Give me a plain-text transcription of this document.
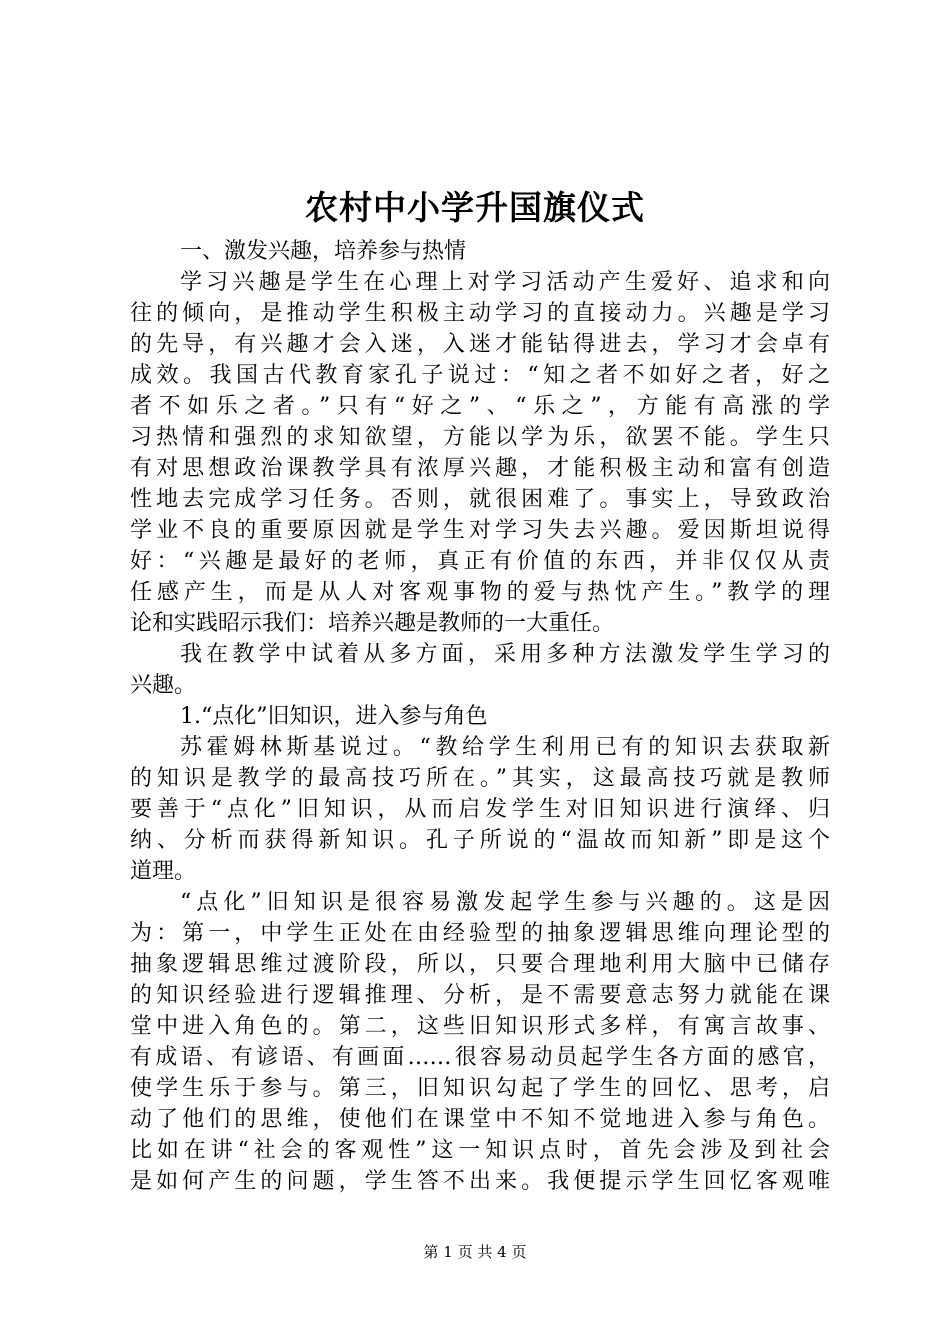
农村中小学升国旗仪式
一、激发兴趣，培养参与热情
学习兴趣是学生在心理上对学习活动产生爱好、追求和向
往的倾向，是推动学生积极主动学习的直接动力。兴趣是学习
的先导，有兴趣才会入迷，入迷才能钻得进去，学习才会卓有
成效。我国古代教育家孔子说过：“知之者不如好之者，好之
者不如乐之者。”只有“好之”、“乐之”，方能有高涨的学
习热情和强烈的求知欲望，方能以学为乐，欲罢不能。学生只
有对思想政治课教学具有浓厚兴趣，才能积极主动和富有创造
性地去完成学习任务。否则，就很困难了。事实上，导致政治
学业不良的重要原因就是学生对学习失去兴趣。爱因斯坦说得
好：“兴趣是最好的老师，真正有价值的东西，并非仅仅从责
任感产生，而是从人对客观事物的爱与热忱产生。”教学的理
论和实践昭示我们：培养兴趣是教师的一大重任。
我在教学中试着从多方面，采用多种方法激发学生学习的
兴趣。
1.“点化”旧知识，进入参与角色
苏霍姆林斯基说过。“教给学生利用已有的知识去获取新
的知识是教学的最高技巧所在。”其实，这最高技巧就是教师
要善于“点化”旧知识，从而启发学生对旧知识进行演绎、归
纳、分析而获得新知识。孔子所说的“温故而知新”即是这个
道理。
“点化”旧知识是很容易激发起学生参与兴趣的。这是因
为：第一，中学生正处在由经验型的抽象逻辑思维向理论型的
抽象逻辑思维过渡阶段，所以，只要合理地利用大脑中已储存
的知识经验进行逻辑推理、分析，是不需要意志努力就能在课
堂中进入角色的。第二，这些旧知识形式多样，有寓言故事、
有成语、有谚语、有画面……很容易动员起学生各方面的感官，
使学生乐于参与。第三，旧知识勾起了学生的回忆、思考，启
动了他们的思维，使他们在课堂中不知不觉地进入参与角色。
比如在讲“社会的客观性”这一知识点时，首先会涉及到社会
是如何产生的问题，学生答不出来。我便提示学生回忆客观唯
第 1 页 共 4 页
